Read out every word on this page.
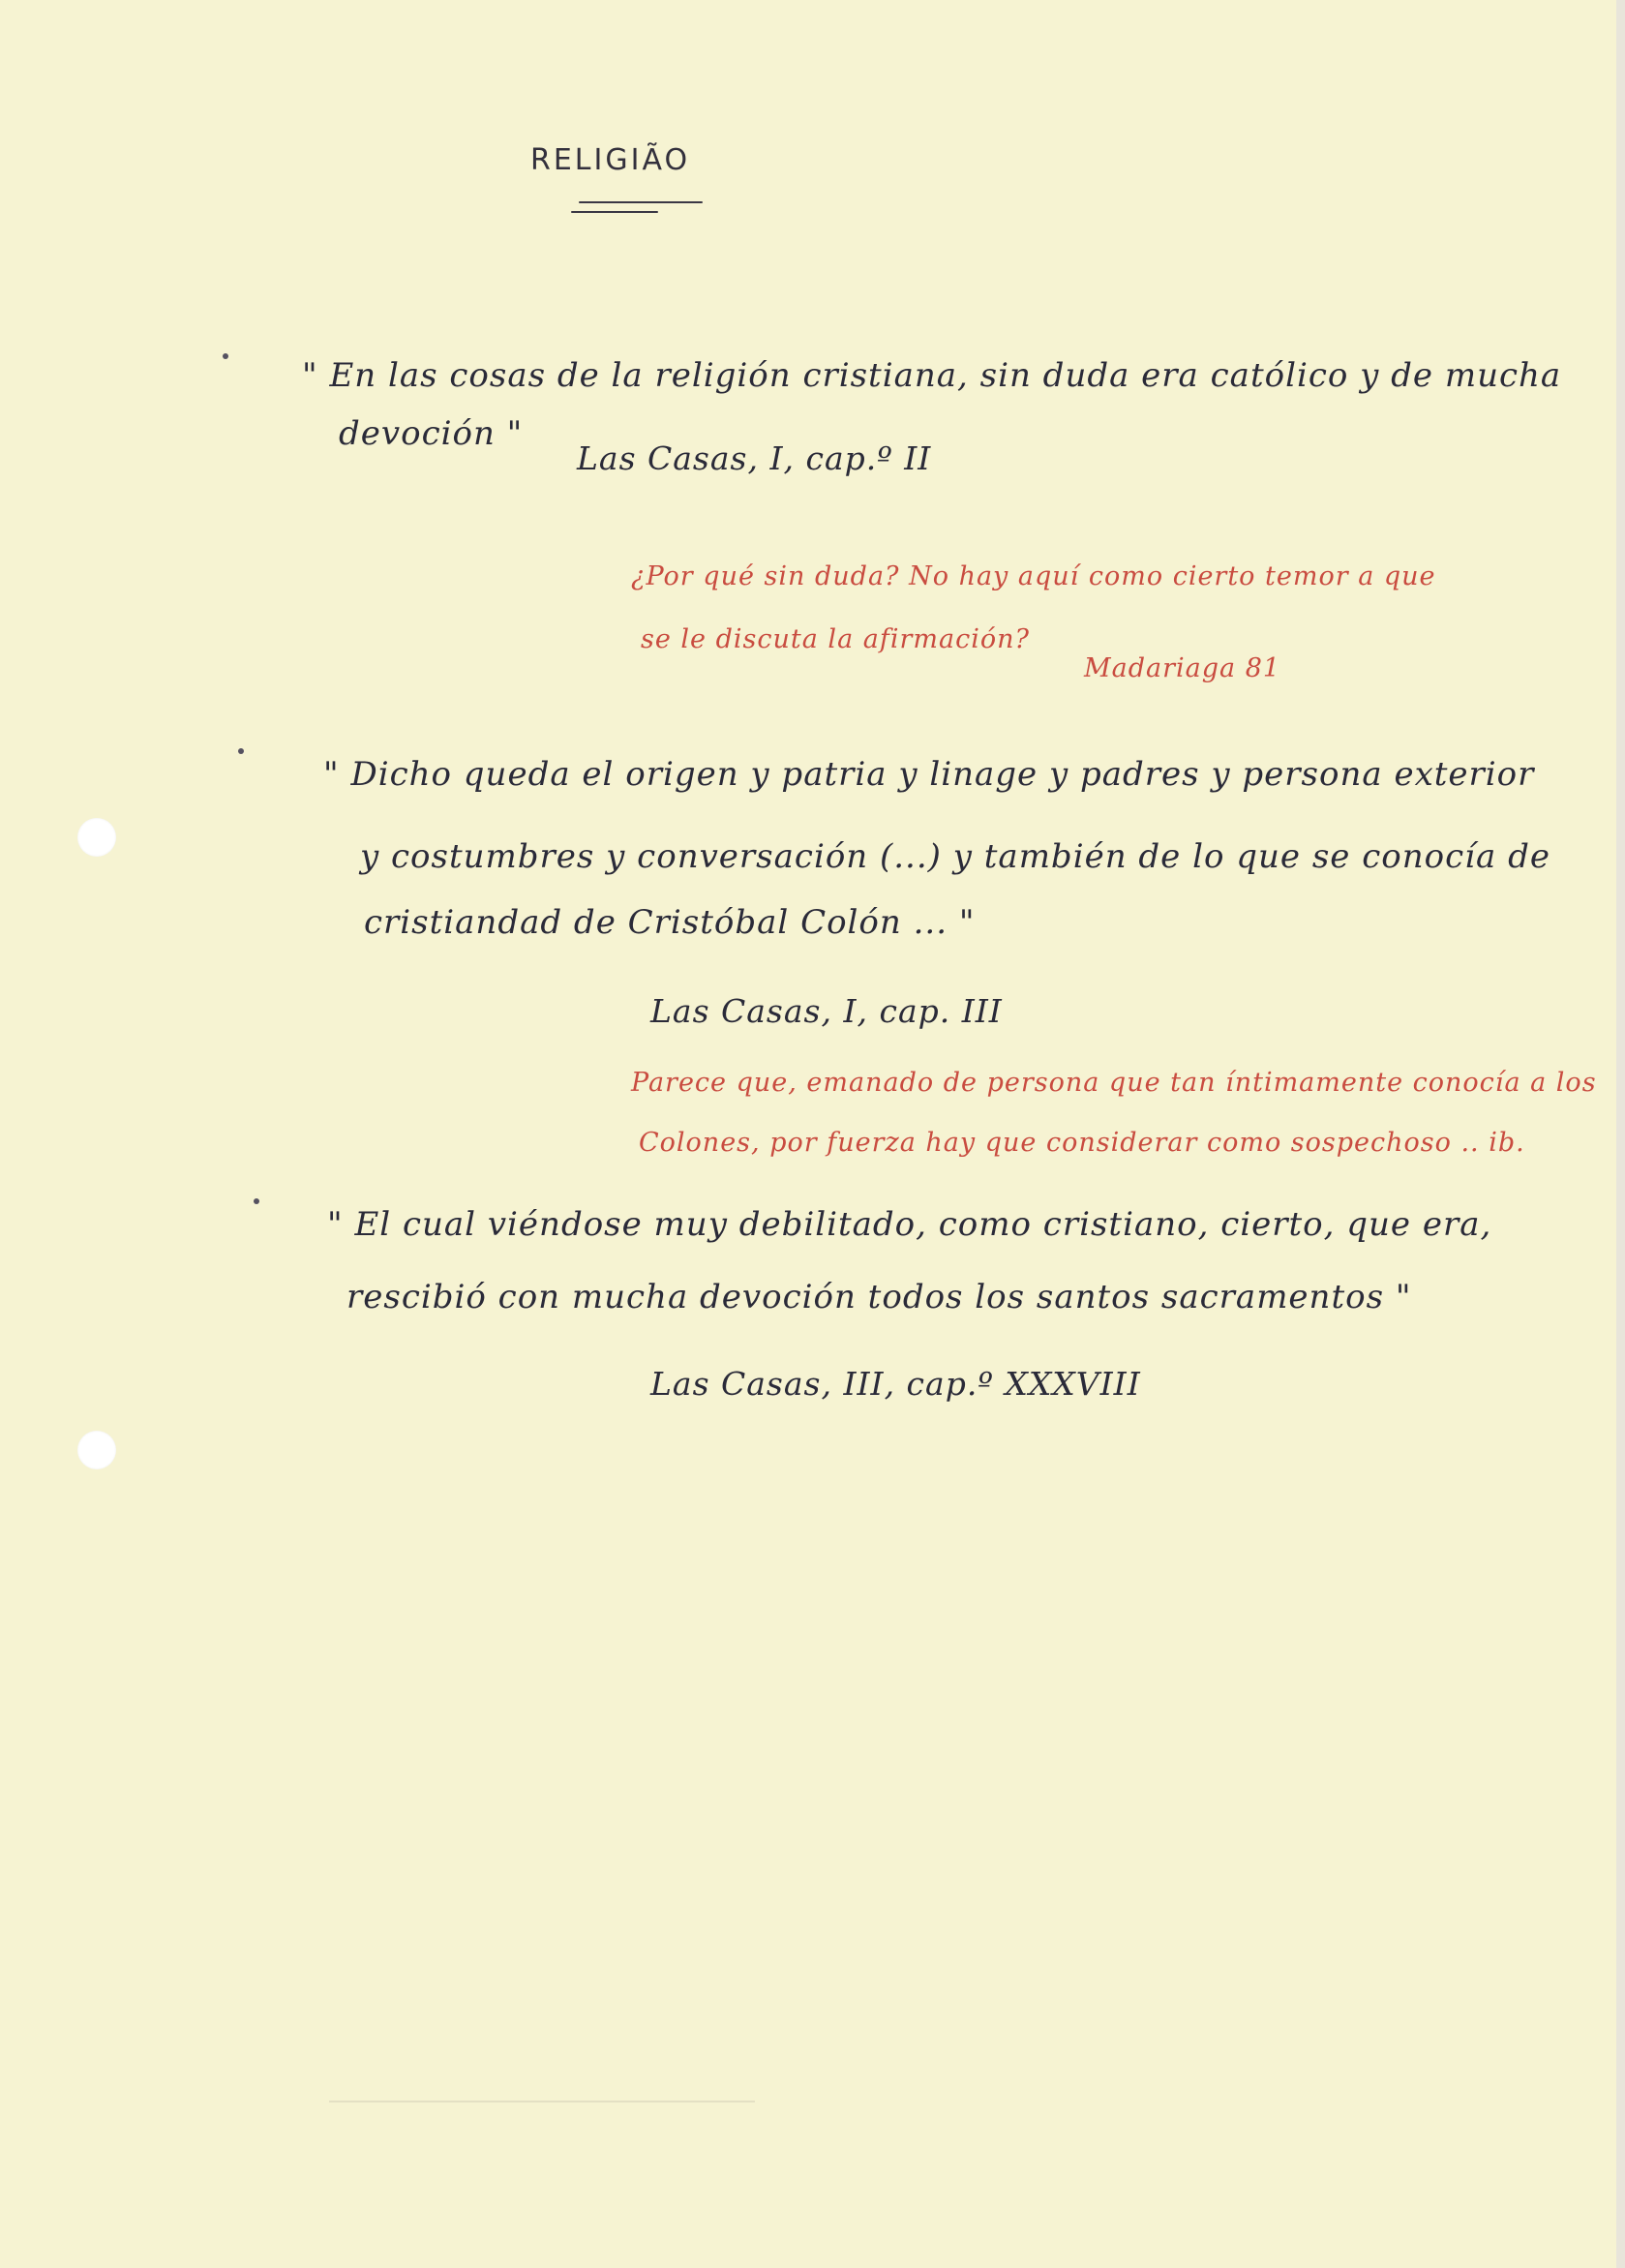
RELIGIÃO
" En las cosas de la religión cristiana, sin duda era católico y de mucha
devoción "
Las Casas, I, cap.º II
¿Por qué sin duda? No hay aquí como cierto temor a que
se le discuta la afirmación?
Madariaga 81
" Dicho queda el origen y patria y linage y padres y persona exterior
y costumbres y conversación (...) y también de lo que se conocía de
cristiandad de Cristóbal Colón ... "
Las Casas, I, cap. III
Parece que, emanado de persona que tan íntimamente conocía a los
Colones, por fuerza hay que considerar como sospechoso .. ib.
" El cual viéndose muy debilitado, como cristiano, cierto, que era,
rescibió con mucha devoción todos los santos sacramentos "
Las Casas, III, cap.º XXXVIII
